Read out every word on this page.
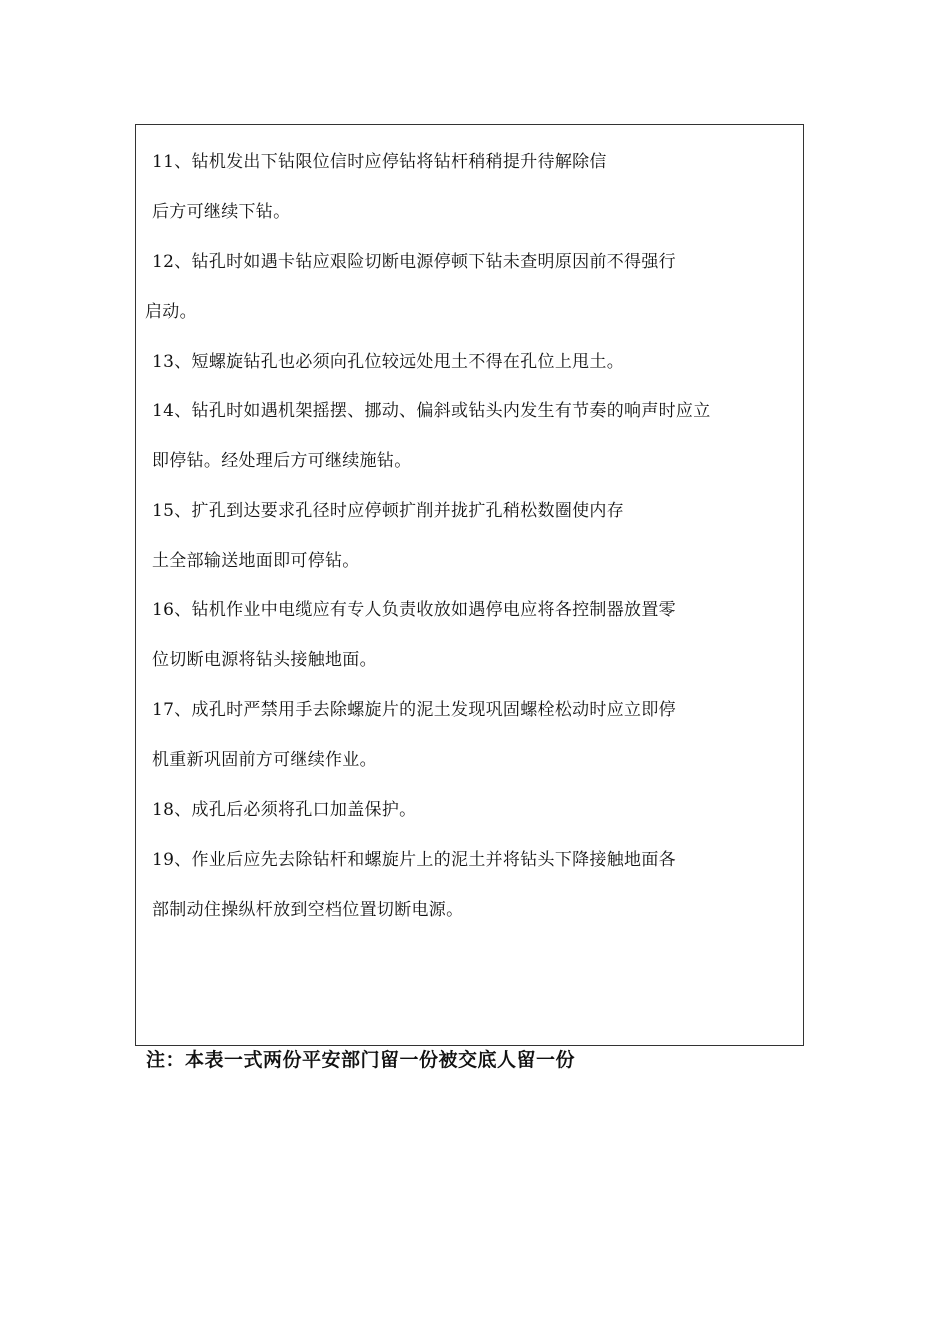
11、钻机发出下钻限位信时应停钻将钻杆稍稍提升待解除信
后方可继续下钻。
12、钻孔时如遇卡钻应艰险切断电源停顿下钻未查明原因前不得强行
启动。
13、短螺旋钻孔也必须向孔位较远处甩土不得在孔位上甩土。
14、钻孔时如遇机架摇摆、挪动、偏斜或钻头内发生有节奏的响声时应立
即停钻。经处理后方可继续施钻。
15、扩孔到达要求孔径时应停顿扩削并拢扩孔稍松数圈使内存
土全部输送地面即可停钻。
16、钻机作业中电缆应有专人负责收放如遇停电应将各控制器放置零
位切断电源将钻头接触地面。
17、成孔时严禁用手去除螺旋片的泥土发现巩固螺栓松动时应立即停
机重新巩固前方可继续作业。
18、成孔后必须将孔口加盖保护。
19、作业后应先去除钻杆和螺旋片上的泥土并将钻头下降接触地面各
部制动住操纵杆放到空档位置切断电源。
注：本表一式两份平安部门留一份被交底人留一份
